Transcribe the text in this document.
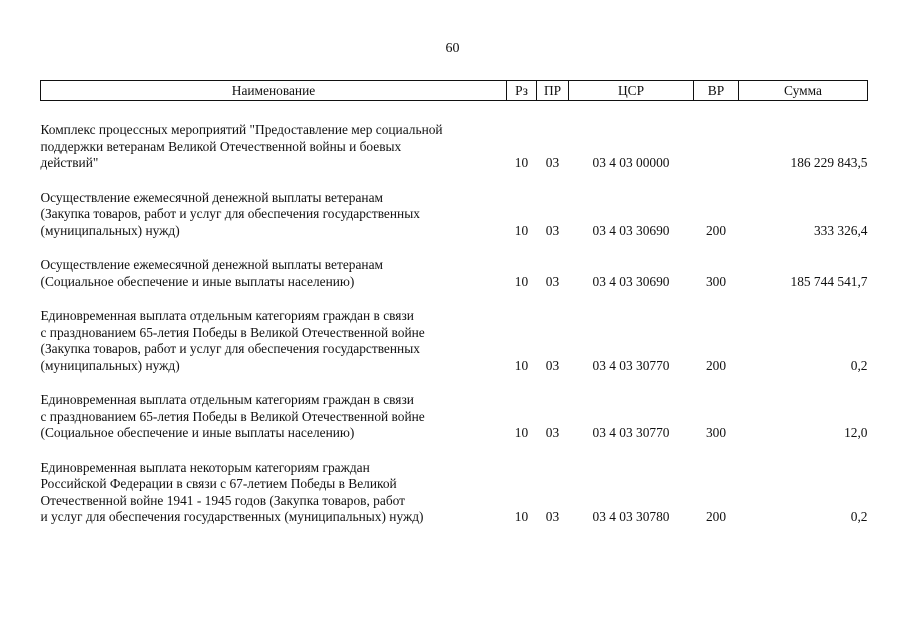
60
Наименование	Рз	ПР	ЦСР	ВР	Сумма

Комплекс процессных мероприятий "Предоставление мер социальной
поддержки ветеранам Великой Отечественной войны и боевых
действий"	10	03	03 4 03 00000		186 229 843,5

Осуществление ежемесячной денежной выплаты ветеранам
(Закупка товаров, работ и услуг для обеспечения государственных
(муниципальных) нужд)	10	03	03 4 03 30690	200	333 326,4

Осуществление ежемесячной денежной выплаты ветеранам
(Социальное обеспечение и иные выплаты населению)	10	03	03 4 03 30690	300	185 744 541,7

Единовременная выплата отдельным категориям граждан в связи
с празднованием 65-летия Победы в Великой Отечественной войне
(Закупка товаров, работ и услуг для обеспечения государственных
(муниципальных) нужд)	10	03	03 4 03 30770	200	0,2

Единовременная выплата отдельным категориям граждан в связи
с празднованием 65-летия Победы в Великой Отечественной войне
(Социальное обеспечение и иные выплаты населению)	10	03	03 4 03 30770	300	12,0

Единовременная выплата некоторым категориям граждан
Российской Федерации в связи с 67-летием Победы в Великой
Отечественной войне 1941 - 1945 годов (Закупка товаров, работ
и услуг для обеспечения государственных (муниципальных) нужд)	10	03	03 4 03 30780	200	0,2
